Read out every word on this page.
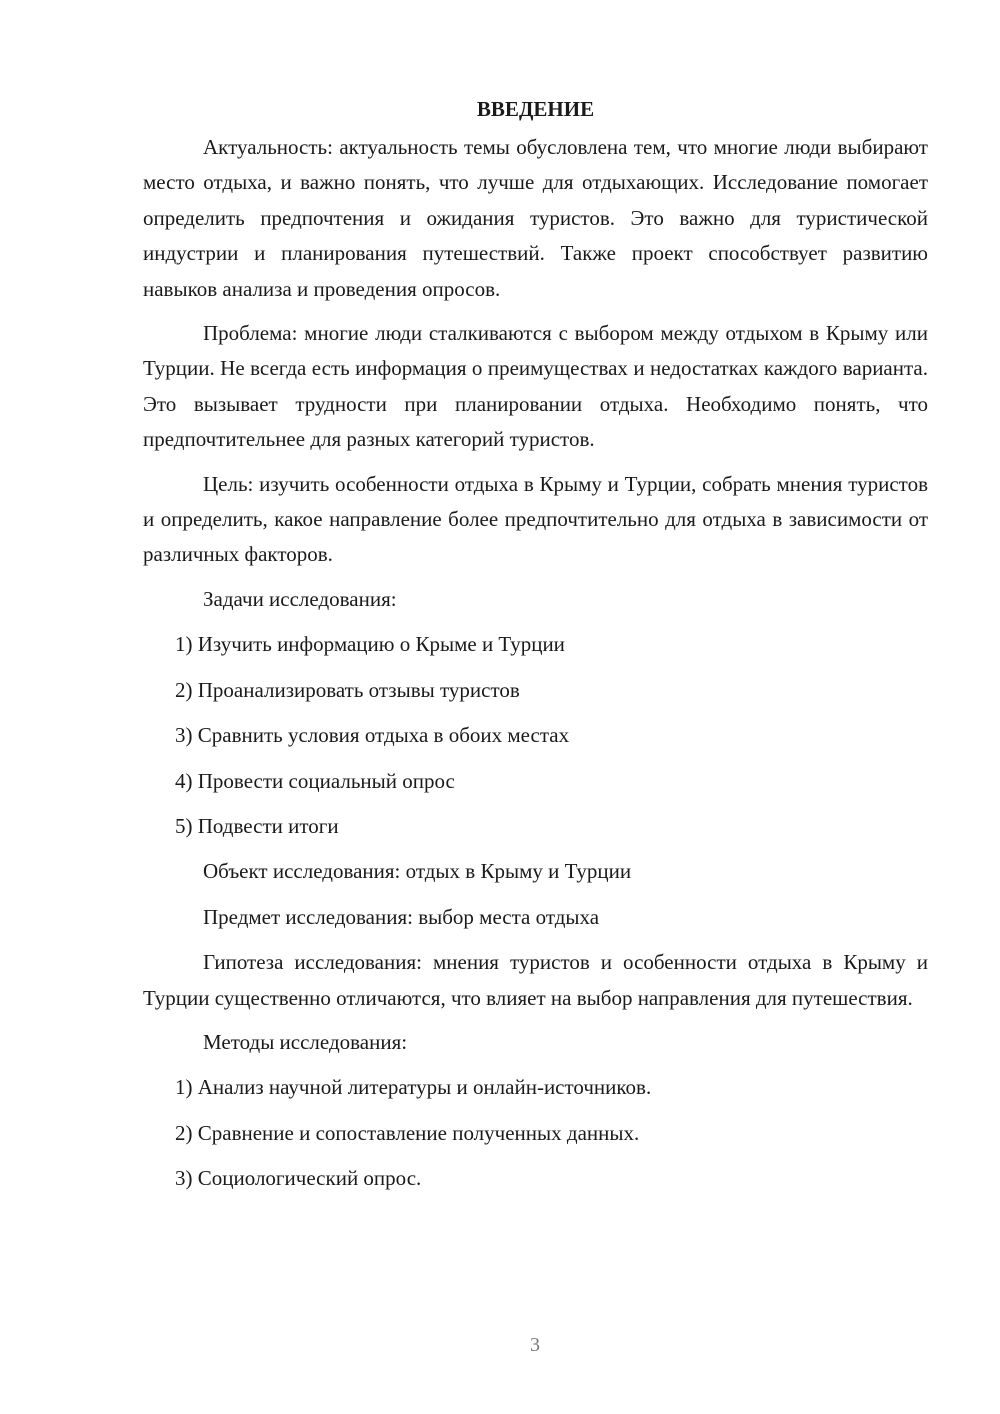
ВВЕДЕНИЕ

Актуальность: актуальность темы обусловлена тем, что многие люди выбирают место отдыха, и важно понять, что лучше для отдыхающих. Исследование помогает определить предпочтения и ожидания туристов. Это важно для туристической индустрии и планирования путешествий. Также проект способствует развитию навыков анализа и проведения опросов.

Проблема: многие люди сталкиваются с выбором между отдыхом в Крыму или Турции. Не всегда есть информация о преимуществах и недостатках каждого варианта. Это вызывает трудности при планировании отдыха. Необходимо понять, что предпочтительнее для разных категорий туристов.

Цель: изучить особенности отдыха в Крыму и Турции, собрать мнения туристов и определить, какое направление более предпочтительно для отдыха в зависимости от различных факторов.

Задачи исследования:
1) Изучить информацию о Крыме и Турции
2) Проанализировать отзывы туристов
3) Сравнить условия отдыха в обоих местах
4) Провести социальный опрос
5) Подвести итоги
Объект исследования: отдых в Крыму и Турции
Предмет исследования: выбор места отдыха

Гипотеза исследования: мнения туристов и особенности отдыха в Крыму и Турции существенно отличаются, что влияет на выбор направления для путешествия.

Методы исследования:
1) Анализ научной литературы и онлайн-источников.
2) Сравнение и сопоставление полученных данных.
3) Социологический опрос.
3
